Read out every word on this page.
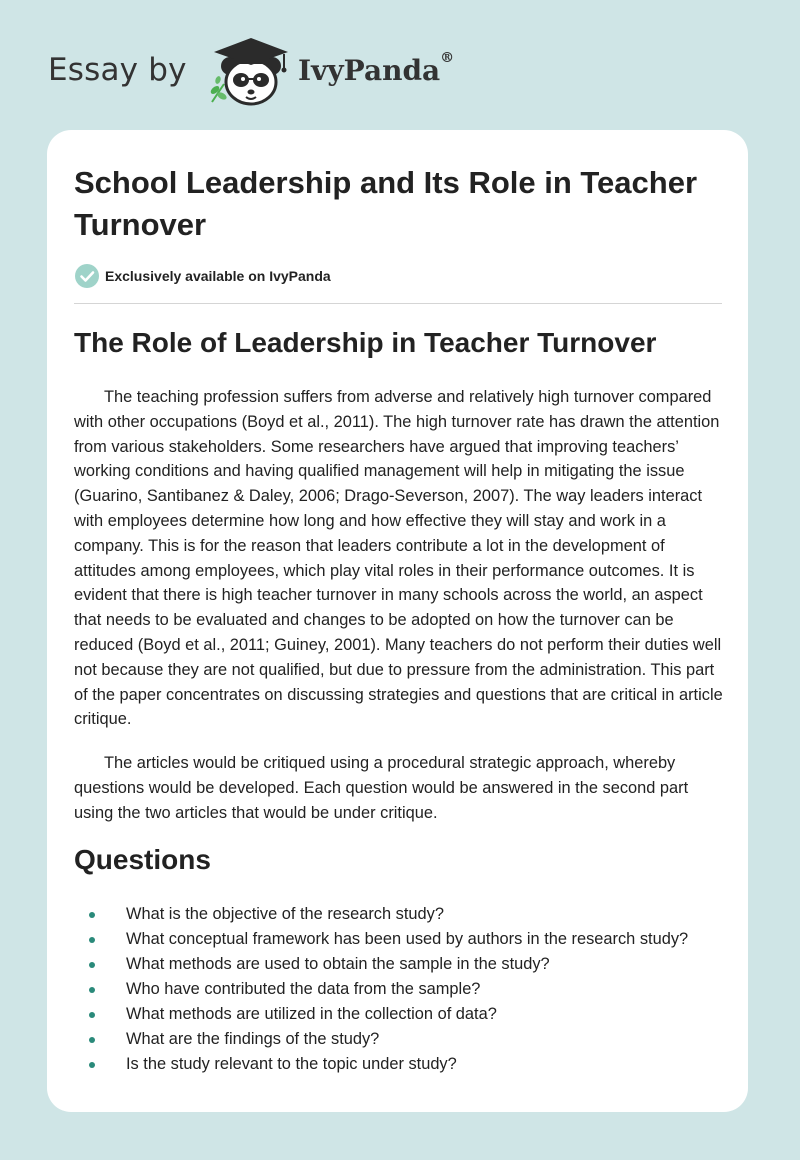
Essay by	IvyPanda®
School Leadership and Its Role in Teacher Turnover
Exclusively available on IvyPanda
The Role of Leadership in Teacher Turnover

The teaching profession suffers from adverse and relatively high turnover compared with other occupations (Boyd et al., 2011). The high turnover rate has drawn the attention from various stakeholders. Some researchers have argued that improving teachers’ working conditions and having qualified management will help in mitigating the issue (Guarino, Santibanez & Daley, 2006; Drago-Severson, 2007). The way leaders interact with employees determine how long and how effective they will stay and work in a company. This is for the reason that leaders contribute a lot in the development of attitudes among employees, which play vital roles in their performance outcomes. It is evident that there is high teacher turnover in many schools across the world, an aspect that needs to be evaluated and changes to be adopted on how the turnover can be reduced (Boyd et al., 2011; Guiney, 2001). Many teachers do not perform their duties well not because they are not qualified, but due to pressure from the administration. This part of the paper concentrates on discussing strategies and questions that are critical in article critique.

The articles would be critiqued using a procedural strategic approach, whereby questions would be developed. Each question would be answered in the second part using the two articles that would be under critique.

Questions
What is the objective of the research study?
What conceptual framework has been used by authors in the research study?
What methods are used to obtain the sample in the study?
Who have contributed the data from the sample?
What methods are utilized in the collection of data?
What are the findings of the study?
Is the study relevant to the topic under study?
